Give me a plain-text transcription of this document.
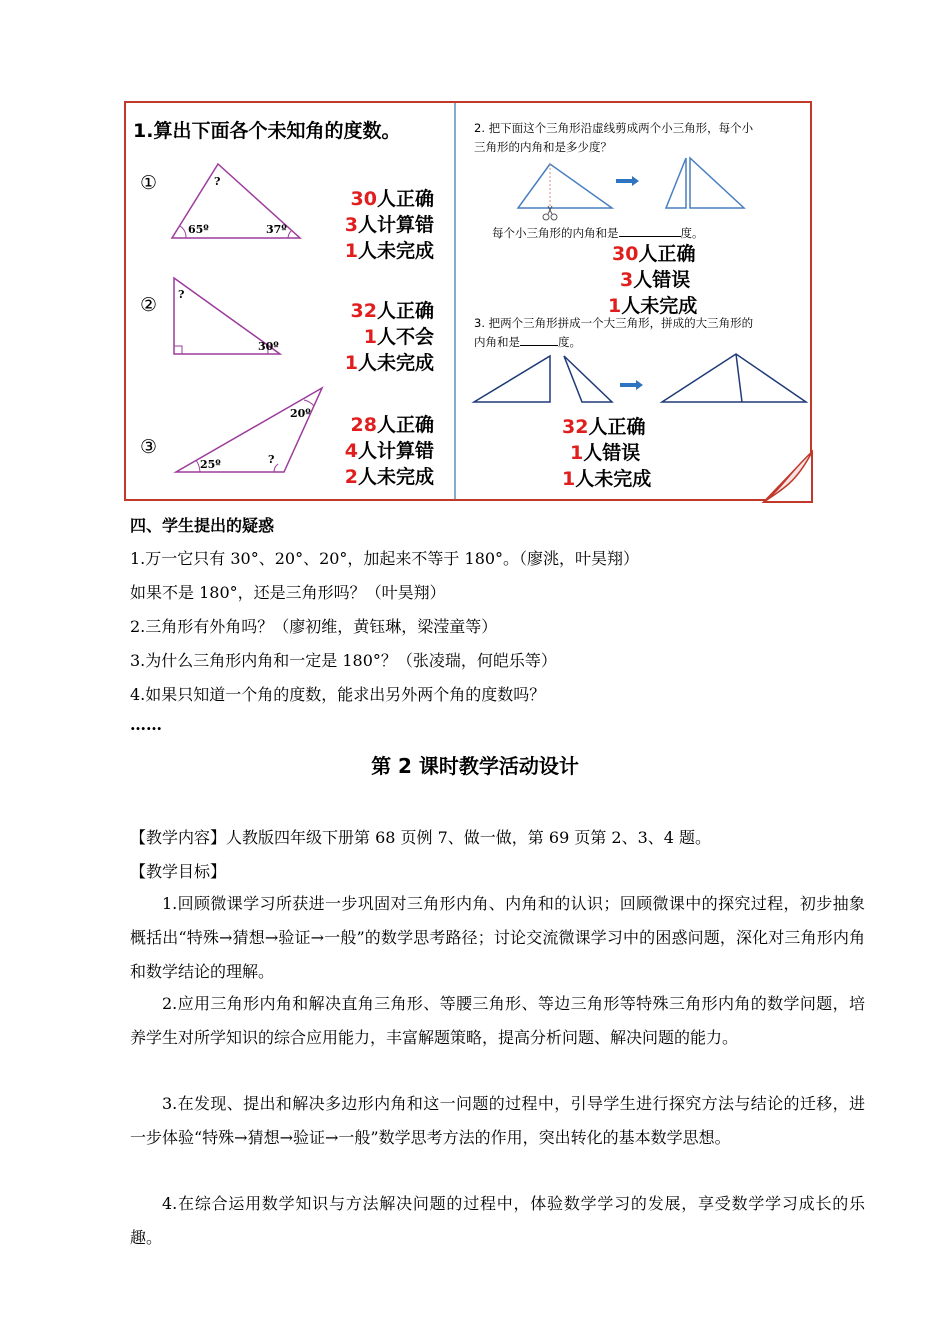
1.算出下面各个未知角的度数。
①	?
65º	37º
30人正确
3人计算错
1人未完成
② ?
30º
32人正确
1人不会
1人未完成
③
20º
25º	?
28人正确
4人计算错
2人未完成
2. 把下面这个三角形沿虚线剪成两个小三角形，每个小
三角形的内角和是多少度？
每个小三角形的内角和是	度。
30人正确
3人错误
1人未完成
3. 把两个三角形拼成一个大三角形，拼成的大三角形的
内角和是	度。
32人正确
1人错误
1人未完成
四、学生提出的疑惑
1.万一它只有 30°、20°、20°，加起来不等于 180°。（廖洮，叶昊翔）
如果不是 180°，还是三角形吗？（叶昊翔）
2.三角形有外角吗？（廖初维，黄钰琳，梁滢童等）
3.为什么三角形内角和一定是 180°？（张凌瑞，何皑乐等）
4.如果只知道一个角的度数，能求出另外两个角的度数吗？
……
第 2 课时教学活动设计
【教学内容】人教版四年级下册第 68 页例 7、做一做，第 69 页第 2、3、4 题。
【教学目标】
1.回顾微课学习所获进一步巩固对三角形内角、内角和的认识；回顾微课中的探究过程，初步抽象概括出“特殊→猜想→验证→一般”的数学思考路径；讨论交流微课学习中的困惑问题，深化对三角形内角和数学结论的理解。
2.应用三角形内角和解决直角三角形、等腰三角形、等边三角形等特殊三角形内角的数学问题，培养学生对所学知识的综合应用能力，丰富解题策略，提高分析问题、解决问题的能力。
3.在发现、提出和解决多边形内角和这一问题的过程中，引导学生进行探究方法与结论的迁移，进一步体验“特殊→猜想→验证→一般”数学思考方法的作用，突出转化的基本数学思想。
4.在综合运用数学知识与方法解决问题的过程中，体验数学学习的发展，享受数学学习成长的乐趣。
